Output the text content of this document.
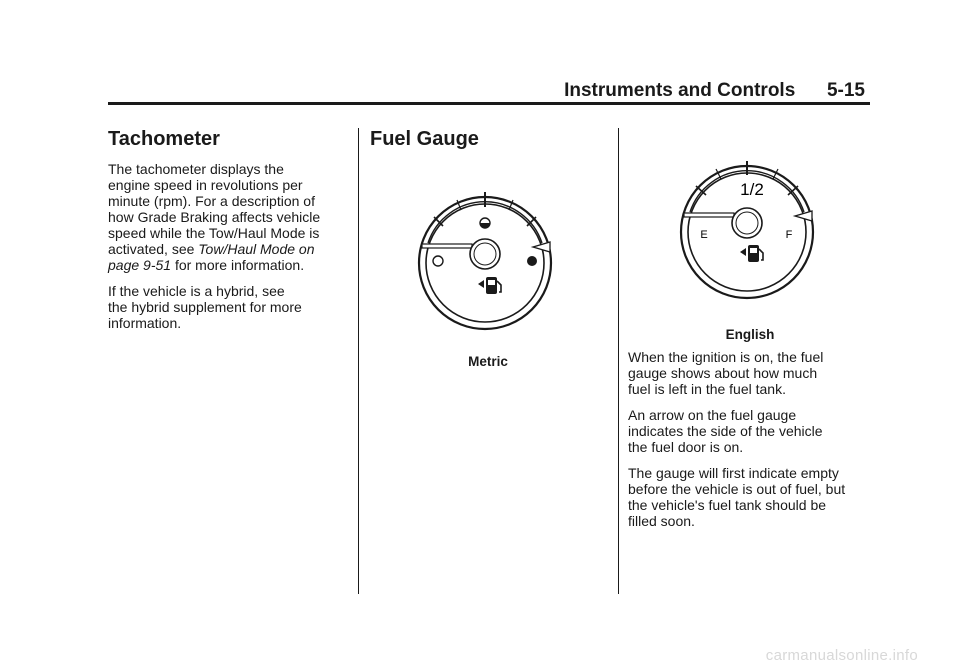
Instruments and Controls 5-15
Tachometer

The tachometer displays the
engine speed in revolutions per
minute (rpm). For a description of
how Grade Braking affects vehicle
speed while the Tow/Haul Mode is
activated, see Tow/Haul Mode on
page 9-51 for more information.

If the vehicle is a hybrid, see
the hybrid supplement for more
information.

Fuel Gauge
Metric
1/2
E	F
English

When the ignition is on, the fuel
gauge shows about how much
fuel is left in the fuel tank.

An arrow on the fuel gauge
indicates the side of the vehicle
the fuel door is on.

The gauge will first indicate empty
before the vehicle is out of fuel, but
the vehicle's fuel tank should be
filled soon.

carmanualsonline.info
